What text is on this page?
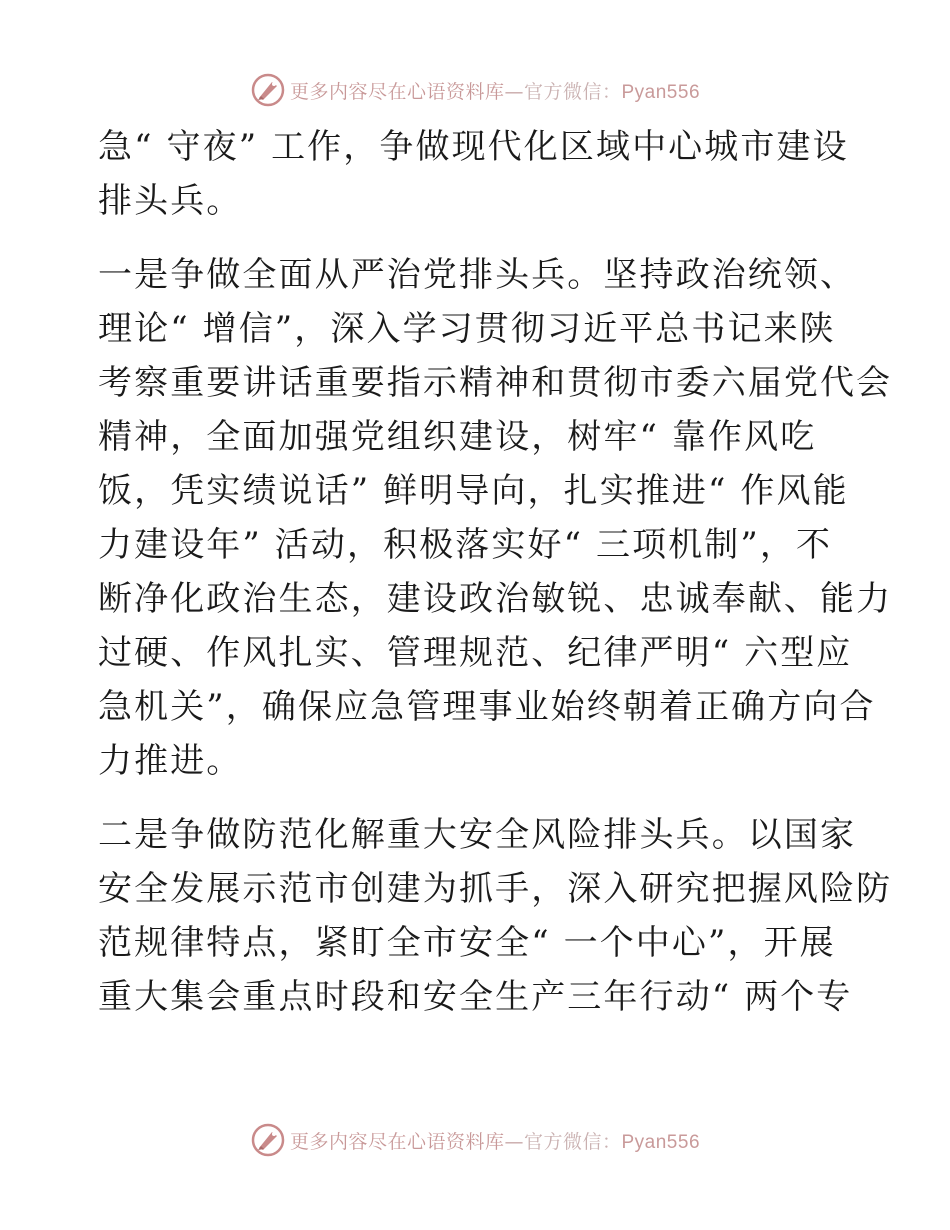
更多内容尽在心语资料库—官方微信：Pyan556
急“ 守夜” 工作，争做现代化区域中心城市建设
排头兵。
一是争做全面从严治党排头兵。坚持政治统领、
理论“ 增信”，深入学习贯彻习近平总书记来陕
考察重要讲话重要指示精神和贯彻市委六届党代会
精神，全面加强党组织建设，树牢“ 靠作风吃
饭，凭实绩说话” 鲜明导向，扎实推进“ 作风能
力建设年” 活动，积极落实好“ 三项机制”，不
断净化政治生态，建设政治敏锐、忠诚奉献、能力
过硬、作风扎实、管理规范、纪律严明“ 六型应
急机关”，确保应急管理事业始终朝着正确方向合
力推进。
二是争做防范化解重大安全风险排头兵。以国家
安全发展示范市创建为抓手，深入研究把握风险防
范规律特点，紧盯全市安全“ 一个中心”，开展
重大集会重点时段和安全生产三年行动“ 两个专
更多内容尽在心语资料库—官方微信：Pyan556
